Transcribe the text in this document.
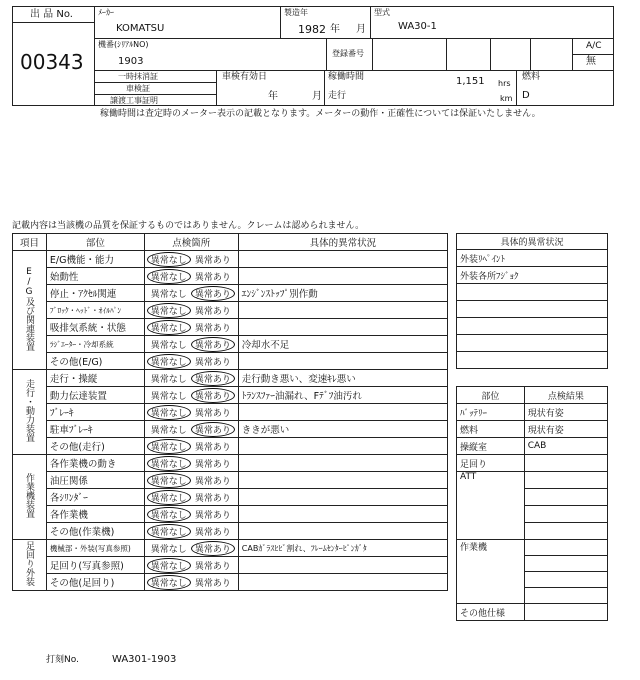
出 品 No.
00343
ﾒｰｶｰ
KOMATSU
製造年
1982 年 月
型式
WA30-1
機番(ｼﾘｱﾙNO)
1903
登録番号
A/C
無
一時抹消証
車検証
譲渡工事証明
車検有効日
年	月
稼働時間	1,151 hrs
走行	km
燃料
D
稼働時間は査定時のメーター表示の記載となります。メーターの動作・正確性については保証いたしません。
記載内容は当該機の品質を保証するものではありません。クレームは認められません。
項目	部位	点検箇所	具体的異常状況
E/G及び関連装置	E/G機能・能力	異常なし 異常あり	
	始動性	異常なし 異常あり	
	停止・ｱｸｾﾙ関連	異常なし 異常あり	ｴﾝｼﾞﾝｽﾄｯﾌﾟ別作動
	ﾌﾞﾛｯｸ・ﾍｯﾄﾞ・ｵｲﾙﾊﾟﾝ	異常なし 異常あり	
	吸排気系統・状態	異常なし 異常あり	
	ﾗｼﾞｴｰﾀｰ・冷却系統	異常なし 異常あり	冷却水不足
	その他(E/G)	異常なし 異常あり	
走行・動力装置	走行・操縦	異常なし 異常あり	走行動き悪い、変速ｷﾚ悪い
	動力伝達装置	異常なし 異常あり	ﾄﾗﾝｽﾌｧｰ油漏れ、Fﾃﾞﾌ油汚れ
	ﾌﾞﾚｰｷ	異常なし 異常あり	
	駐車ﾌﾞﾚｰｷ	異常なし 異常あり	ききが悪い
	その他(走行)	異常なし 異常あり	
作業機装置	各作業機の動き	異常なし 異常あり	
	油圧関係	異常なし 異常あり	
	各ｼﾘﾝﾀﾞｰ	異常なし 異常あり	
	各作業機	異常なし 異常あり	
	その他(作業機)	異常なし 異常あり	
足回り外装	機械部・外装(写真参照)	異常なし 異常あり	CABｶﾞﾗｽﾋﾋﾞ割れ、ﾌﾚｰﾑｾﾝﾀｰﾋﾟﾝｶﾞﾀ
	足回り(写真参照)	異常なし 異常あり	
	その他(足回り)	異常なし 異常あり	
具体的異常状況
外装ﾘﾍﾟｲﾝﾄ
外装各所ﾌｼﾞｮｸ

部位	点検結果
ﾊﾞｯﾃﾘｰ	現状有姿
燃料	現状有姿
操縦室	CAB
足回り	
ATT	

作業機	

その他仕様	
打刻No.	WA301-1903
